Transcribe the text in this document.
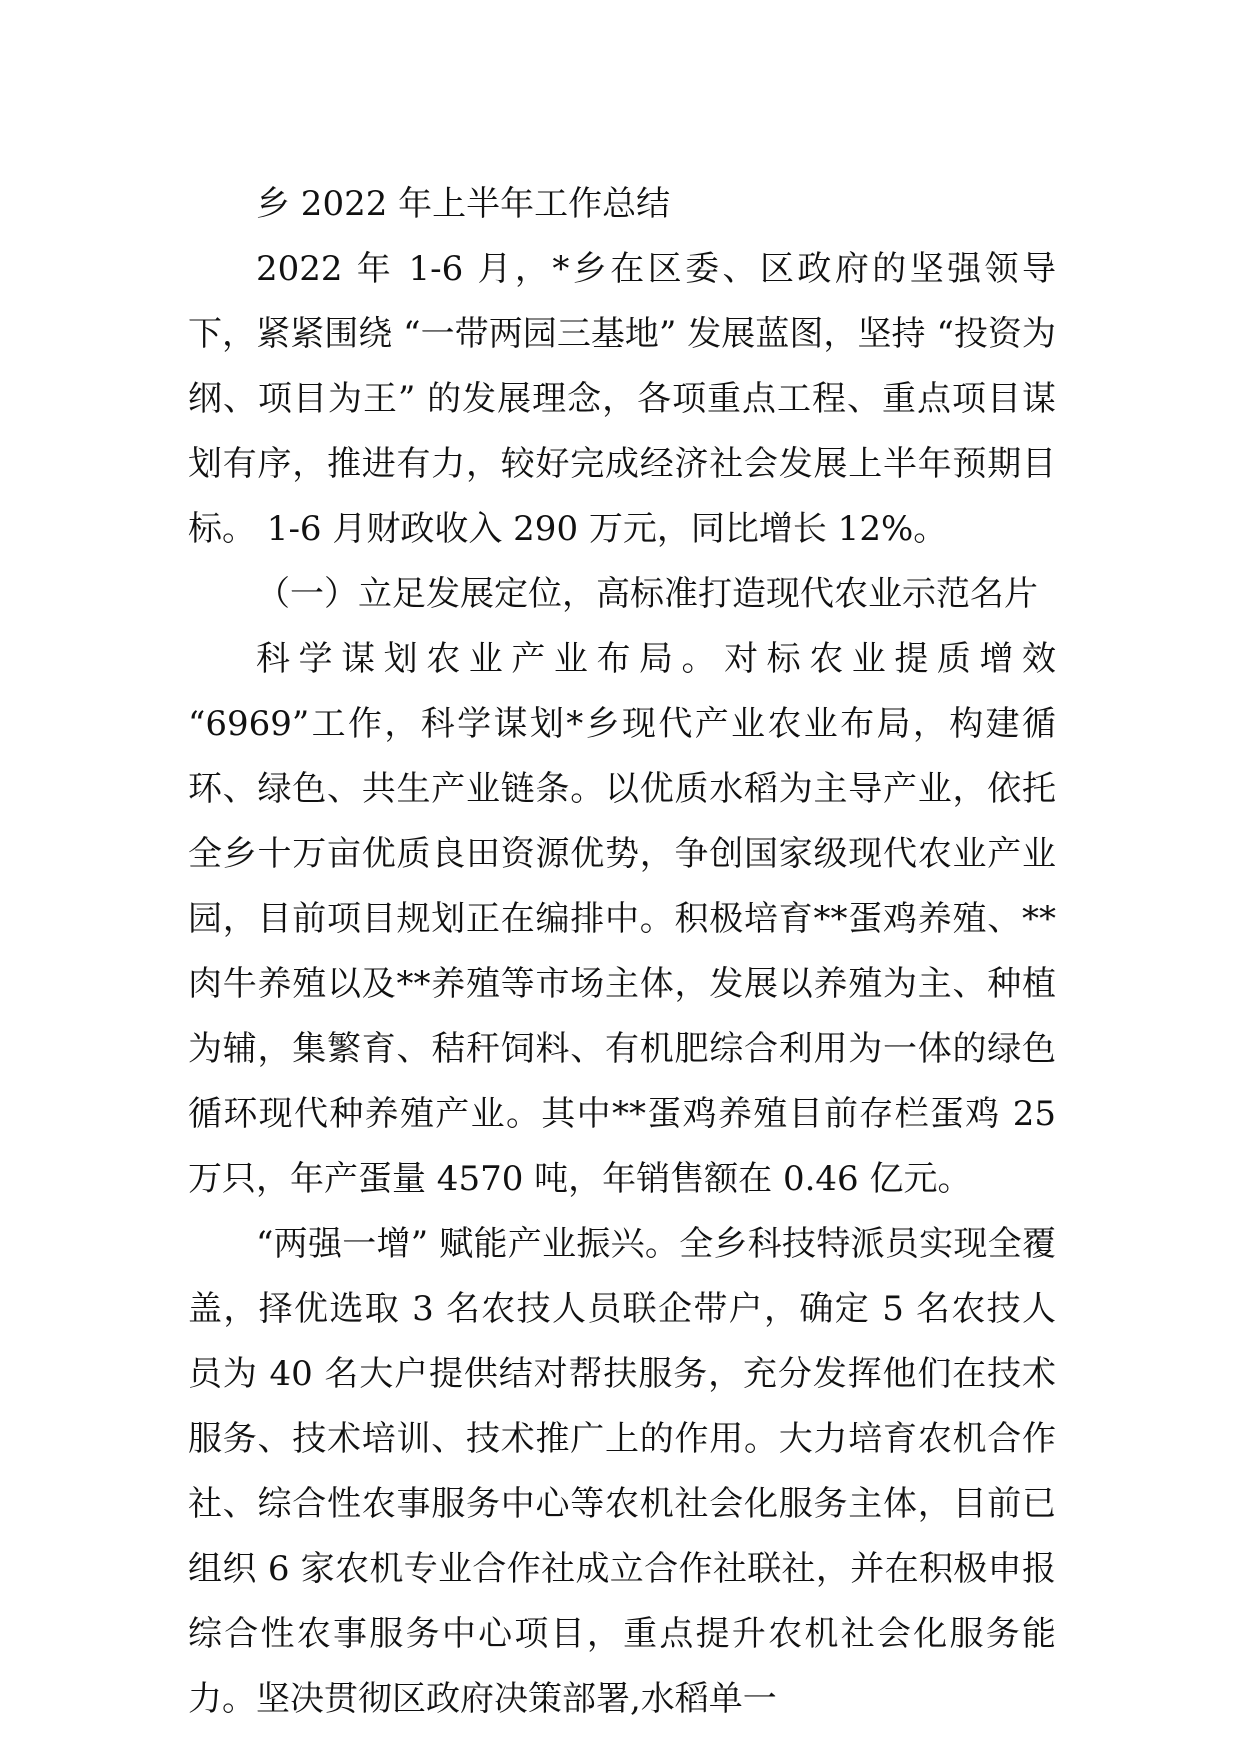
乡 2022 年上半年工作总结

2022 年 1-6 月，*乡在区委、区政府的坚强领导下，紧紧围绕 “一带两园三基地” 发展蓝图，坚持 “投资为纲、项目为王” 的发展理念，各项重点工程、重点项目谋划有序，推进有力，较好完成经济社会发展上半年预期目标。 1-6 月财政收入 290 万元，同比增长 12%。

（一）立足发展定位，高标准打造现代农业示范名片

科学谋划农业产业布局。对标农业提质增效 “6969”工作，科学谋划*乡现代产业农业布局，构建循环、绿色、共生产业链条。以优质水稻为主导产业，依托全乡十万亩优质良田资源优势，争创国家级现代农业产业园，目前项目规划正在编排中。积极培育**蛋鸡养殖、**肉牛养殖以及**养殖等市场主体，发展以养殖为主、种植为辅，集繁育、秸秆饲料、有机肥综合利用为一体的绿色循环现代种养殖产业。其中**蛋鸡养殖目前存栏蛋鸡 25 万只，年产蛋量 4570 吨，年销售额在 0.46 亿元。

“两强一增” 赋能产业振兴。全乡科技特派员实现全覆盖，择优选取 3 名农技人员联企带户，确定 5 名农技人员为 40 名大户提供结对帮扶服务，充分发挥他们在技术服务、技术培训、技术推广上的作用。大力培育农机合作社、综合性农事服务中心等农机社会化服务主体，目前已组织 6 家农机专业合作社成立合作社联社，并在积极申报综合性农事服务中心项目，重点提升农机社会化服务能力。坚决贯彻区政府决策部署,水稻单一
